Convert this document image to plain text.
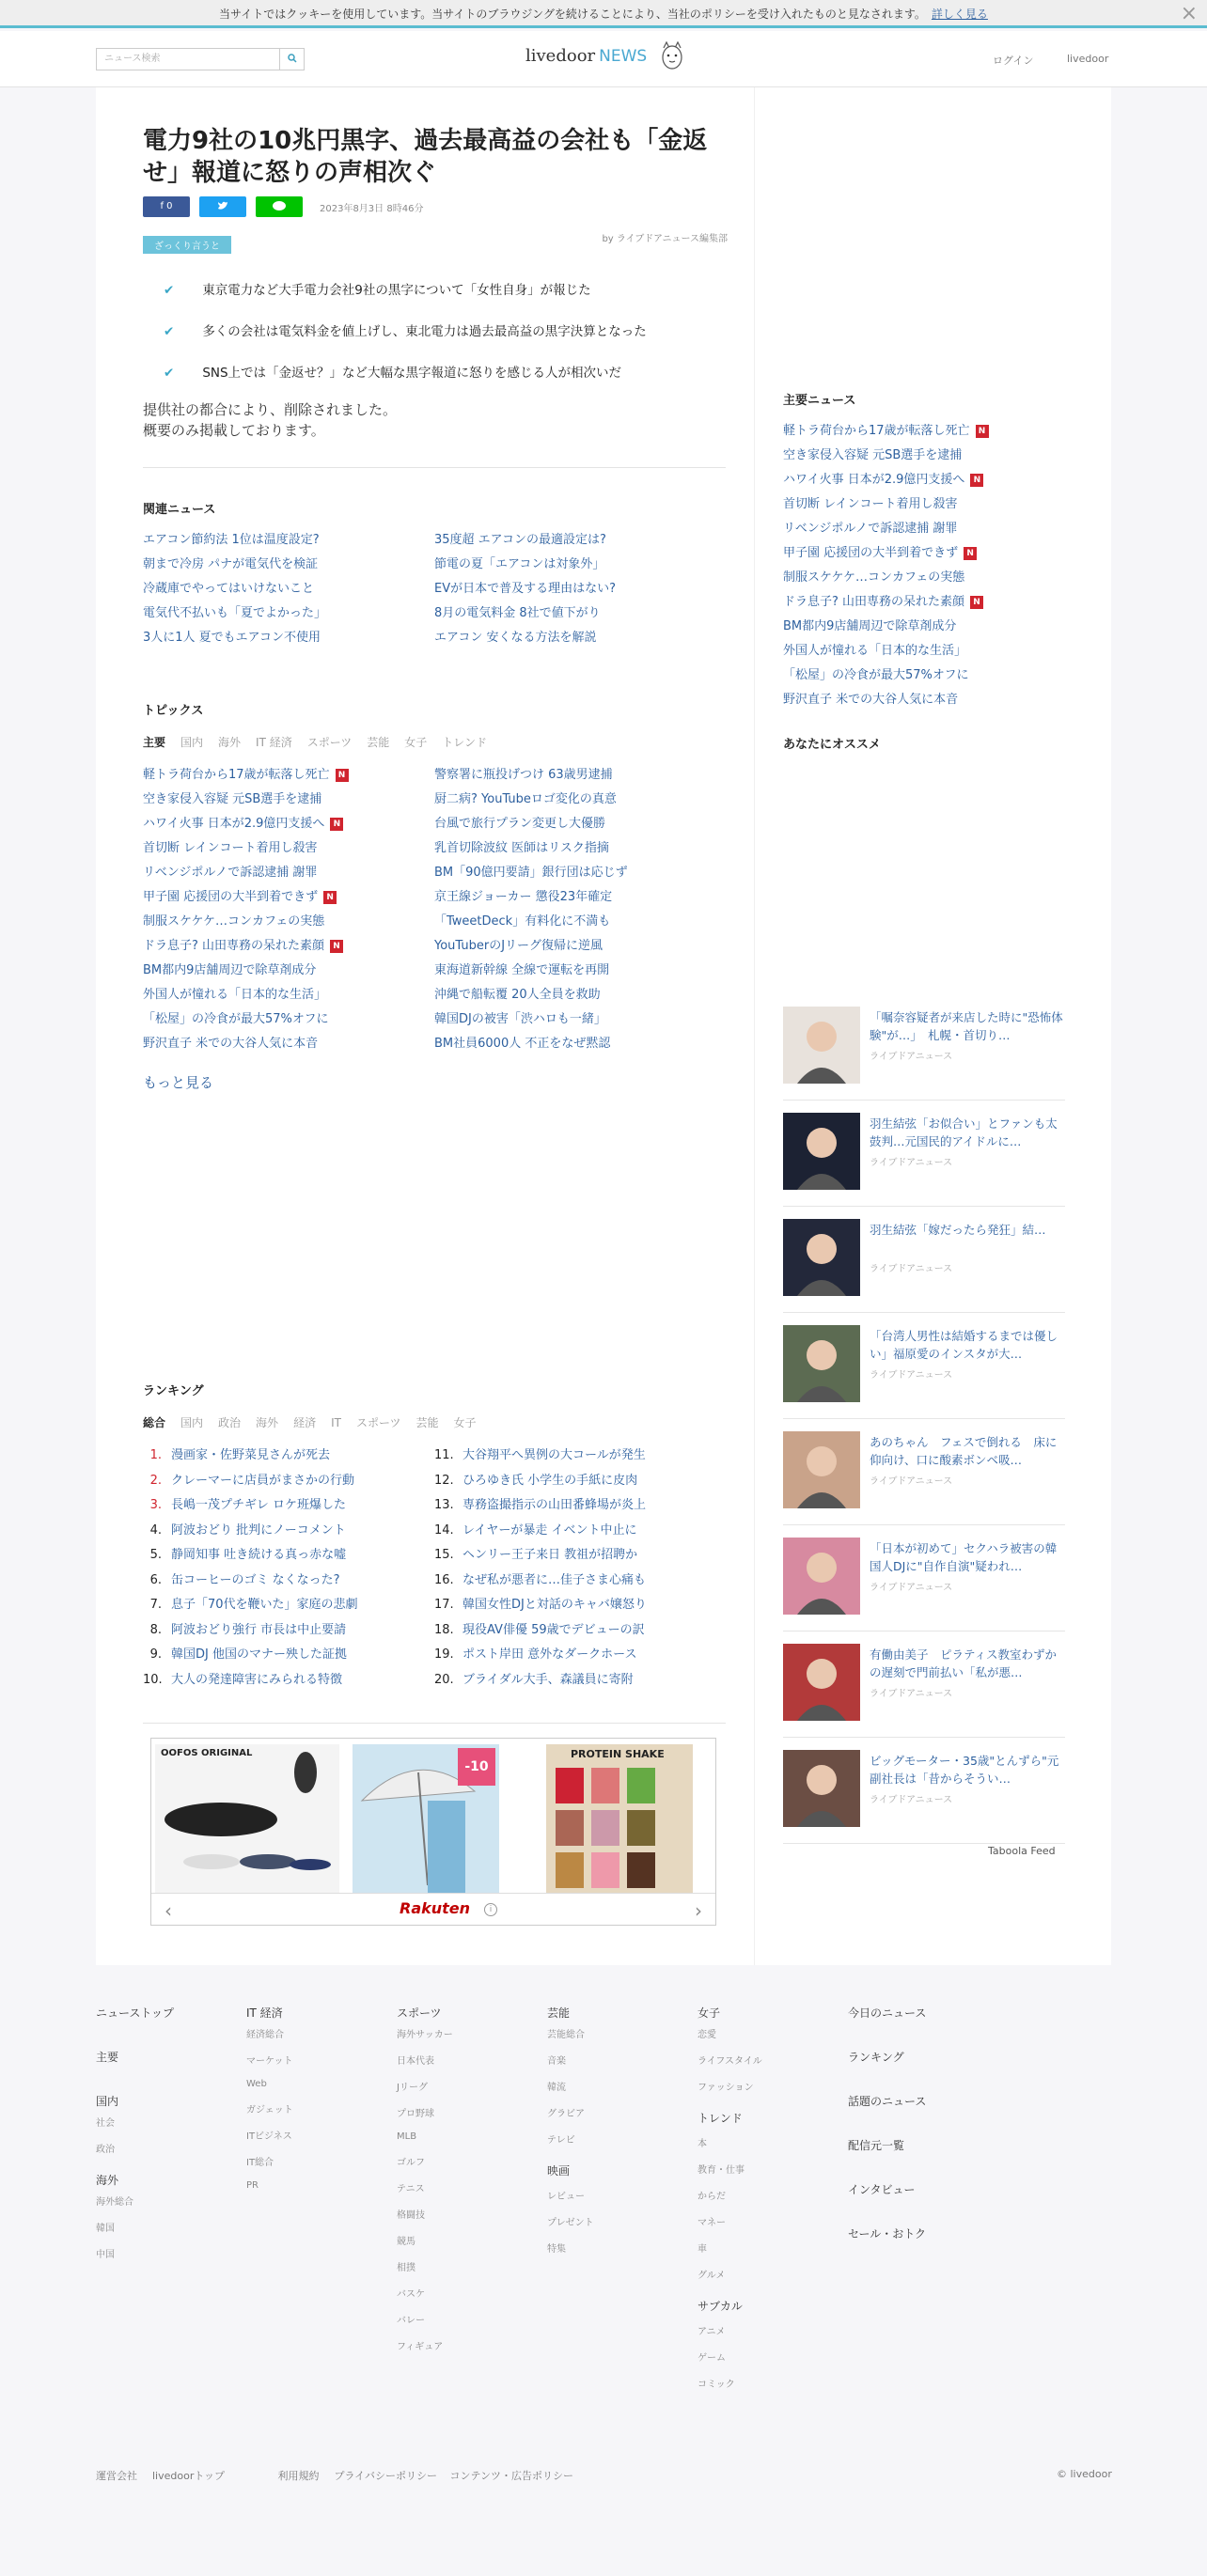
当サイトではクッキーを使用しています。当サイトのブラウジングを続けることにより、当社のポリシーを受け入れたものと見なされます。 詳しく見る	×
ニュース検索	livedoor NEWS	ログイン	livedoor
電力9社の10兆円黒字、過去最高益の会社も「金返せ」報道に怒りの声相次ぐ
f 0	2023年8月3日 8時46分
by ライブドアニュース編集部
ざっくり言うと
✔ 東京電力など大手電力会社9社の黒字について「女性自身」が報じた
✔ 多くの会社は電気料金を値上げし、東北電力は過去最高益の黒字決算となった
✔ SNS上では「金返せ？」など大幅な黒字報道に怒りを感じる人が相次いだ
提供社の都合により、削除されました。
概要のみ掲載しております。
関連ニュース
エアコン節約法 1位は温度設定?	35度超 エアコンの最適設定は?
朝まで冷房 パナが電気代を検証	節電の夏「エアコンは対象外」
冷蔵庫でやってはいけないこと	EVが日本で普及する理由はない?
電気代不払いも「夏でよかった」	8月の電気料金 8社で値下がり
3人に1人 夏でもエアコン不使用	エアコン 安くなる方法を解説
トピックス
主要 国内 海外 IT 経済 スポーツ 芸能 女子 トレンド
軽トラ荷台から17歳が転落し死亡 N
空き家侵入容疑 元SB選手を逮捕
ハワイ火事 日本が2.9億円支援へ N
首切断 レインコート着用し殺害
リベンジポルノで訴認逮捕 謝罪
甲子園 応援団の大半到着できず N
制服スケケケ…コンカフェの実態
ドラ息子? 山田専務の呆れた素顔 N
BM都内9店舗周辺で除草剤成分
外国人が憧れる「日本的な生活」
「松屋」の冷食が最大57%オフに
野沢直子 米での大谷人気に本音
警察署に瓶投げつけ 63歳男逮捕
厨二病? YouTubeロゴ変化の真意
台風で旅行プラン変更し大優勝
乳首切除波紋 医師はリスク指摘
BM「90億円要請」銀行団は応じず
京王線ジョーカー 懲役23年確定
「TweetDeck」有料化に不満も
YouTuberのJリーグ復帰に逆風
東海道新幹線 全線で運転を再開
沖縄で船転覆 20人全員を救助
韓国DJの被害「渋ハロも一緒」
BM社員6000人 不正をなぜ黙認
もっと見る
ランキング
総合 国内 政治 海外 経済 IT スポーツ 芸能 女子
1. 漫画家・佐野菜見さんが死去
2. クレーマーに店員がまさかの行動
3. 長嶋一茂プチギレ ロケ班爆した
4. 阿波おどり 批判にノーコメント
5. 静岡知事 吐き続ける真っ赤な嘘
6. 缶コーヒーのゴミ なくなった?
7. 息子「70代を鞭いた」家庭の悲劇
8. 阿波おどり強行 市長は中止要請
9. 韓国DJ 他国のマナー殃した証拠
10. 大人の発達障害にみられる特徴
11. 大谷翔平へ異例の大コールが発生
12. ひろゆき氏 小学生の手紙に皮肉
13. 専務盗撮指示の山田番蜂場が炎上
14. レイヤーが暴走 イベント中止に
15. ヘンリー王子来日 教祖が招聘か
16. なぜ私が悪者に…佳子さま心痛も
17. 韓国女性DJと対話のキャバ嬢怒り
18. 現役AV俳優 59歳でデビューの訳
19. ポスト岸田 意外なダークホース
20. ブライダル大手、森議員に寄附
OOFOS ORIGINAL
-10
PROTEIN SHAKE
‹	Rakuten	i	›
主要ニュース
軽トラ荷台から17歳が転落し死亡 N
空き家侵入容疑 元SB選手を逮捕
ハワイ火事 日本が2.9億円支援へ N
首切断 レインコート着用し殺害
リベンジポルノで訴認逮捕 謝罪
甲子園 応援団の大半到着できず N
制服スケケケ…コンカフェの実態
ドラ息子? 山田専務の呆れた素顔 N
BM都内9店舗周辺で除草剤成分
外国人が憧れる「日本的な生活」
「松屋」の冷食が最大57%オフに
野沢直子 米での大谷人気に本音
あなたにオススメ
「嘱奈容疑者が来店した時に"恐怖体験"が…」　札幌・首切り…
ライブドアニュース
羽生結弦「お似合い」とファンも太鼓判…元国民的アイドルに…
ライブドアニュース
羽生結弦「嫁だったら発狂」結…
ライブドアニュース
「台湾人男性は結婚するまでは優しい」福原愛のインスタが大…
ライブドアニュース
あのちゃん　フェスで倒れる　床に仰向け、口に酸素ボンベ吸…
ライブドアニュース
「日本が初めて」セクハラ被害の韓国人DJに"自作自演"疑われ…
ライブドアニュース
有働由美子　ピラティス教室わずかの遅刻で門前払い「私が悪…
ライブドアニュース
ビッグモーター・35歳"とんずら"元副社長は「昔からそうい…
ライブドアニュース
Taboola Feed
ニューストップ
主要
国内
社会
政治
海外
海外総合
韓国
中国
IT 経済
経済総合
マーケット
Web
ガジェット
ITビジネス
IT総合
PR
スポーツ
海外サッカー
日本代表
Jリーグ
プロ野球
MLB
ゴルフ
テニス
格闘技
競馬
相撲
バスケ
バレー
フィギュア
芸能
芸能総合
音楽
韓流
グラビア
テレビ
映画
レビュー
プレゼント
特集
女子
恋愛
ライフスタイル
ファッション
トレンド
本
教育・仕事
からだ
マネー
車
グルメ
サブカル
アニメ
ゲーム
コミック
今日のニュース
ランキング
話題のニュース
配信元一覧
インタビュー
セール・おトク
運営会社 livedoorトップ	利用規約 プライバシーポリシー コンテンツ・広告ポリシー	© livedoor
